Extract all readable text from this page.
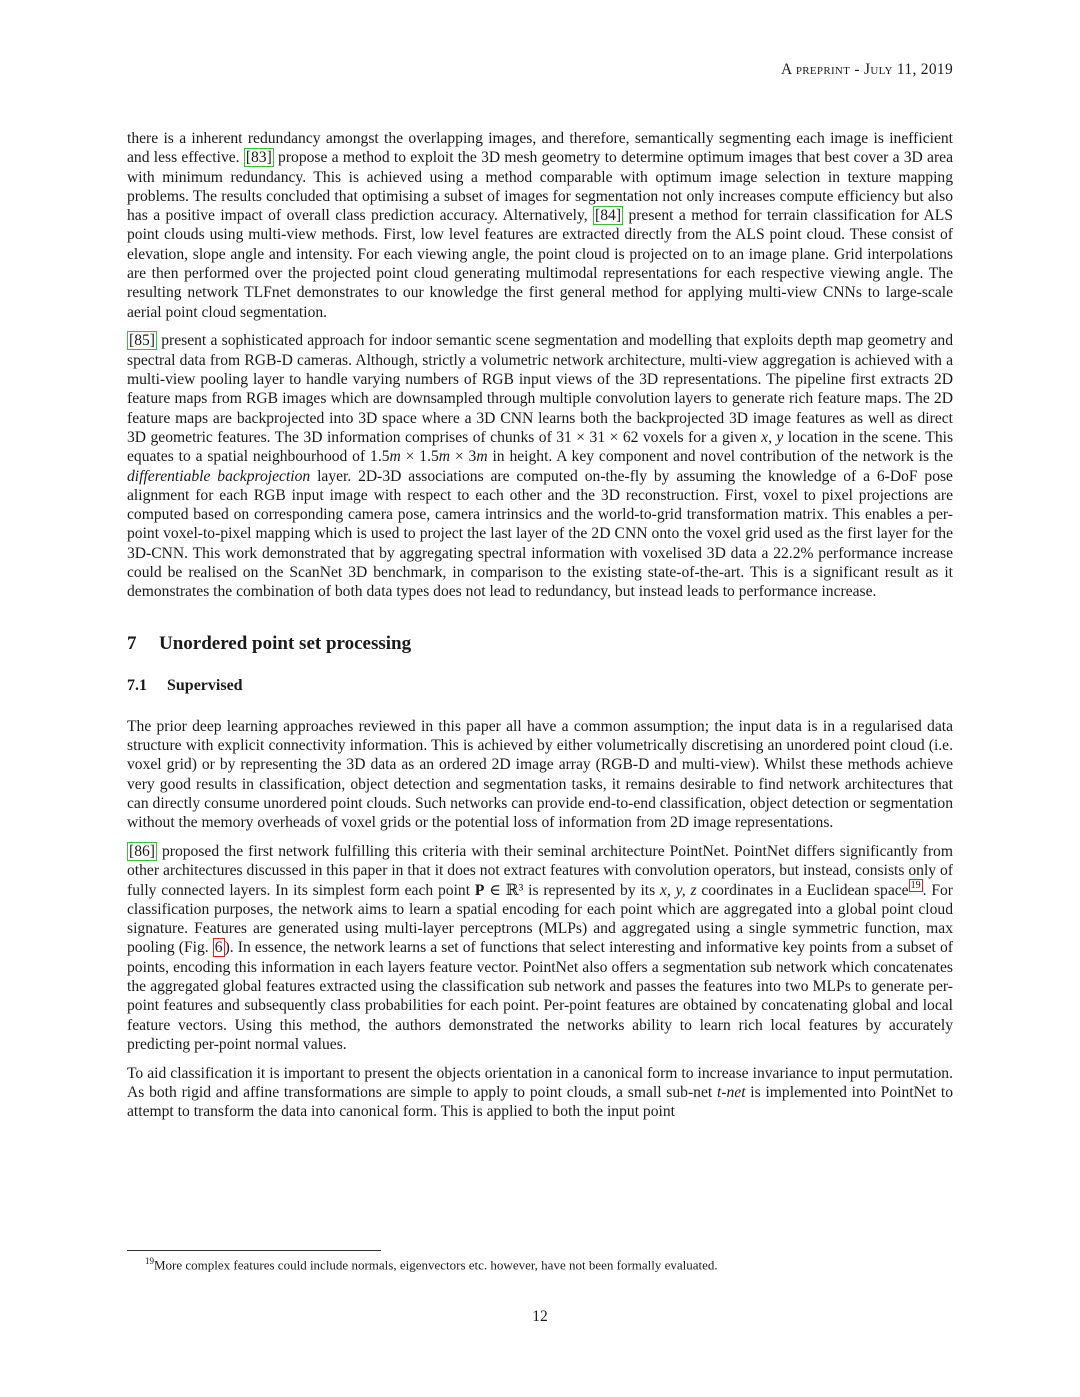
A preprint - July 11, 2019

there is a inherent redundancy amongst the overlapping images, and therefore, semantically segmenting each image is inefficient and less effective. [83] propose a method to exploit the 3D mesh geometry to determine optimum images that best cover a 3D area with minimum redundancy. This is achieved using a method comparable with optimum image selection in texture mapping problems. The results concluded that optimising a subset of images for segmentation not only increases compute efficiency but also has a positive impact of overall class prediction accuracy. Alternatively, [84] present a method for terrain classification for ALS point clouds using multi-view methods. First, low level features are extracted directly from the ALS point cloud. These consist of elevation, slope angle and intensity. For each viewing angle, the point cloud is projected on to an image plane. Grid interpolations are then performed over the projected point cloud generating multimodal representations for each respective viewing angle. The resulting network TLFnet demonstrates to our knowledge the first general method for applying multi-view CNNs to large-scale aerial point cloud segmentation.

[85] present a sophisticated approach for indoor semantic scene segmentation and modelling that exploits depth map geometry and spectral data from RGB-D cameras. Although, strictly a volumetric network architecture, multi-view aggregation is achieved with a multi-view pooling layer to handle varying numbers of RGB input views of the 3D representations. The pipeline first extracts 2D feature maps from RGB images which are downsampled through multiple convolution layers to generate rich feature maps. The 2D feature maps are backprojected into 3D space where a 3D CNN learns both the backprojected 3D image features as well as direct 3D geometric features. The 3D information comprises of chunks of 31 × 31 × 62 voxels for a given x, y location in the scene. This equates to a spatial neighbourhood of 1.5m × 1.5m × 3m in height. A key component and novel contribution of the network is the differentiable backprojection layer. 2D-3D associations are computed on-the-fly by assuming the knowledge of a 6-DoF pose alignment for each RGB input image with respect to each other and the 3D reconstruction. First, voxel to pixel projections are computed based on corresponding camera pose, camera intrinsics and the world-to-grid transformation matrix. This enables a per-point voxel-to-pixel mapping which is used to project the last layer of the 2D CNN onto the voxel grid used as the first layer for the 3D-CNN. This work demonstrated that by aggregating spectral information with voxelised 3D data a 22.2% performance increase could be realised on the ScanNet 3D benchmark, in comparison to the existing state-of-the-art. This is a significant result as it demonstrates the combination of both data types does not lead to redundancy, but instead leads to performance increase.

7 Unordered point set processing
7.1 Supervised

The prior deep learning approaches reviewed in this paper all have a common assumption; the input data is in a regularised data structure with explicit connectivity information. This is achieved by either volumetrically discretising an unordered point cloud (i.e. voxel grid) or by representing the 3D data as an ordered 2D image array (RGB-D and multi-view). Whilst these methods achieve very good results in classification, object detection and segmentation tasks, it remains desirable to find network architectures that can directly consume unordered point clouds. Such networks can provide end-to-end classification, object detection or segmentation without the memory overheads of voxel grids or the potential loss of information from 2D image representations.

[86] proposed the first network fulfilling this criteria with their seminal architecture PointNet. PointNet differs significantly from other architectures discussed in this paper in that it does not extract features with convolution operators, but instead, consists only of fully connected layers. In its simplest form each point P ∈ ℝ³ is represented by its x, y, z coordinates in a Euclidean space $^{19}$ . For classification purposes, the network aims to learn a spatial encoding for each point which are aggregated into a global point cloud signature. Features are generated using multi-layer perceptrons (MLPs) and aggregated using a single symmetric function, max pooling (Fig. 6 ). In essence, the network learns a set of functions that select interesting and informative key points from a subset of points, encoding this information in each layers feature vector. PointNet also offers a segmentation sub network which concatenates the aggregated global features extracted using the classification sub network and passes the features into two MLPs to generate per-point features and subsequently class probabilities for each point. Per-point features are obtained by concatenating global and local feature vectors. Using this method, the authors demonstrated the networks ability to learn rich local features by accurately predicting per-point normal values.

To aid classification it is important to present the objects orientation in a canonical form to increase invariance to input permutation. As both rigid and affine transformations are simple to apply to point clouds, a small sub-net t-net is implemented into PointNet to attempt to transform the data into canonical form. This is applied to both the input point

$^{19}$More complex features could include normals, eigenvectors etc. however, have not been formally evaluated.
12
